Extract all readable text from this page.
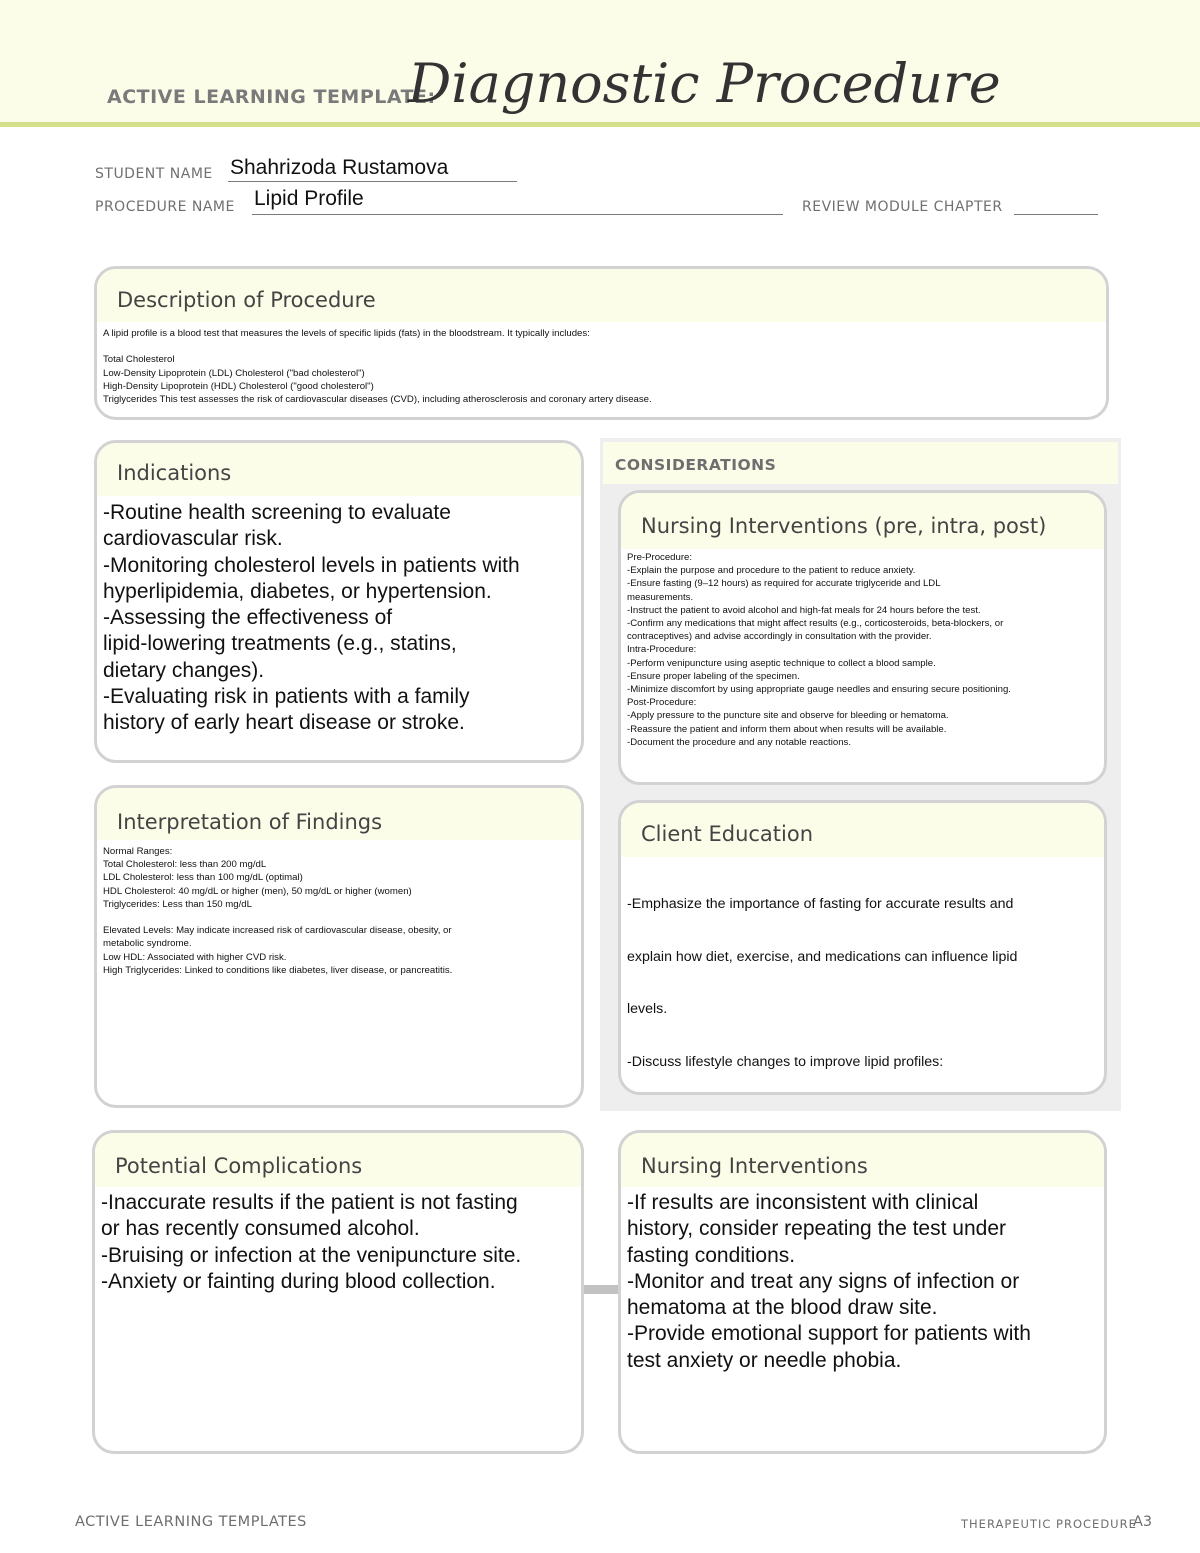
ACTIVE LEARNING TEMPLATE:
Diagnostic Procedure
STUDENT NAME Shahrizoda Rustamova
PROCEDURE NAME Lipid Profile	REVIEW MODULE CHAPTER
Description of Procedure
A lipid profile is a blood test that measures the levels of specific lipids (fats) in the bloodstream. It typically includes:
Total Cholesterol
Low-Density Lipoprotein (LDL) Cholesterol ("bad cholesterol")
High-Density Lipoprotein (HDL) Cholesterol ("good cholesterol")
Triglycerides This test assesses the risk of cardiovascular diseases (CVD), including atherosclerosis and coronary artery disease.
Indications
-Routine health screening to evaluate
cardiovascular risk.
-Monitoring cholesterol levels in patients with
hyperlipidemia, diabetes, or hypertension.
-Assessing the effectiveness of
lipid-lowering treatments (e.g., statins,
dietary changes).
-Evaluating risk in patients with a family
history of early heart disease or stroke.
CONSIDERATIONS
Nursing Interventions (pre, intra, post)
Pre-Procedure:
-Explain the purpose and procedure to the patient to reduce anxiety.
-Ensure fasting (9–12 hours) as required for accurate triglyceride and LDL
measurements.
-Instruct the patient to avoid alcohol and high-fat meals for 24 hours before the test.
-Confirm any medications that might affect results (e.g., corticosteroids, beta-blockers, or
contraceptives) and advise accordingly in consultation with the provider.
Intra-Procedure:
-Perform venipuncture using aseptic technique to collect a blood sample.
-Ensure proper labeling of the specimen.
-Minimize discomfort by using appropriate gauge needles and ensuring secure positioning.
Post-Procedure:
-Apply pressure to the puncture site and observe for bleeding or hematoma.
-Reassure the patient and inform them about when results will be available.
-Document the procedure and any notable reactions.
Interpretation of Findings
Normal Ranges:
Total Cholesterol: less than 200 mg/dL
LDL Cholesterol: less than 100 mg/dL (optimal)
HDL Cholesterol: 40 mg/dL or higher (men), 50 mg/dL or higher (women)
Triglycerides: Less than 150 mg/dL
Elevated Levels: May indicate increased risk of cardiovascular disease, obesity, or
metabolic syndrome.
Low HDL: Associated with higher CVD risk.
High Triglycerides: Linked to conditions like diabetes, liver disease, or pancreatitis.
Client Education

-Emphasize the importance of fasting for accurate results and

explain how diet, exercise, and medications can influence lipid

levels.

-Discuss lifestyle changes to improve lipid profiles:

Potential Complications
-Inaccurate results if the patient is not fasting
or has recently consumed alcohol.
-Bruising or infection at the venipuncture site.
-Anxiety or fainting during blood collection.
Nursing Interventions
-If results are inconsistent with clinical
history, consider repeating the test under
fasting conditions.
-Monitor and treat any signs of infection or
hematoma at the blood draw site.
-Provide emotional support for patients with
test anxiety or needle phobia.
ACTIVE LEARNING TEMPLATES	THERAPEUTIC PROCEDURE
A3
